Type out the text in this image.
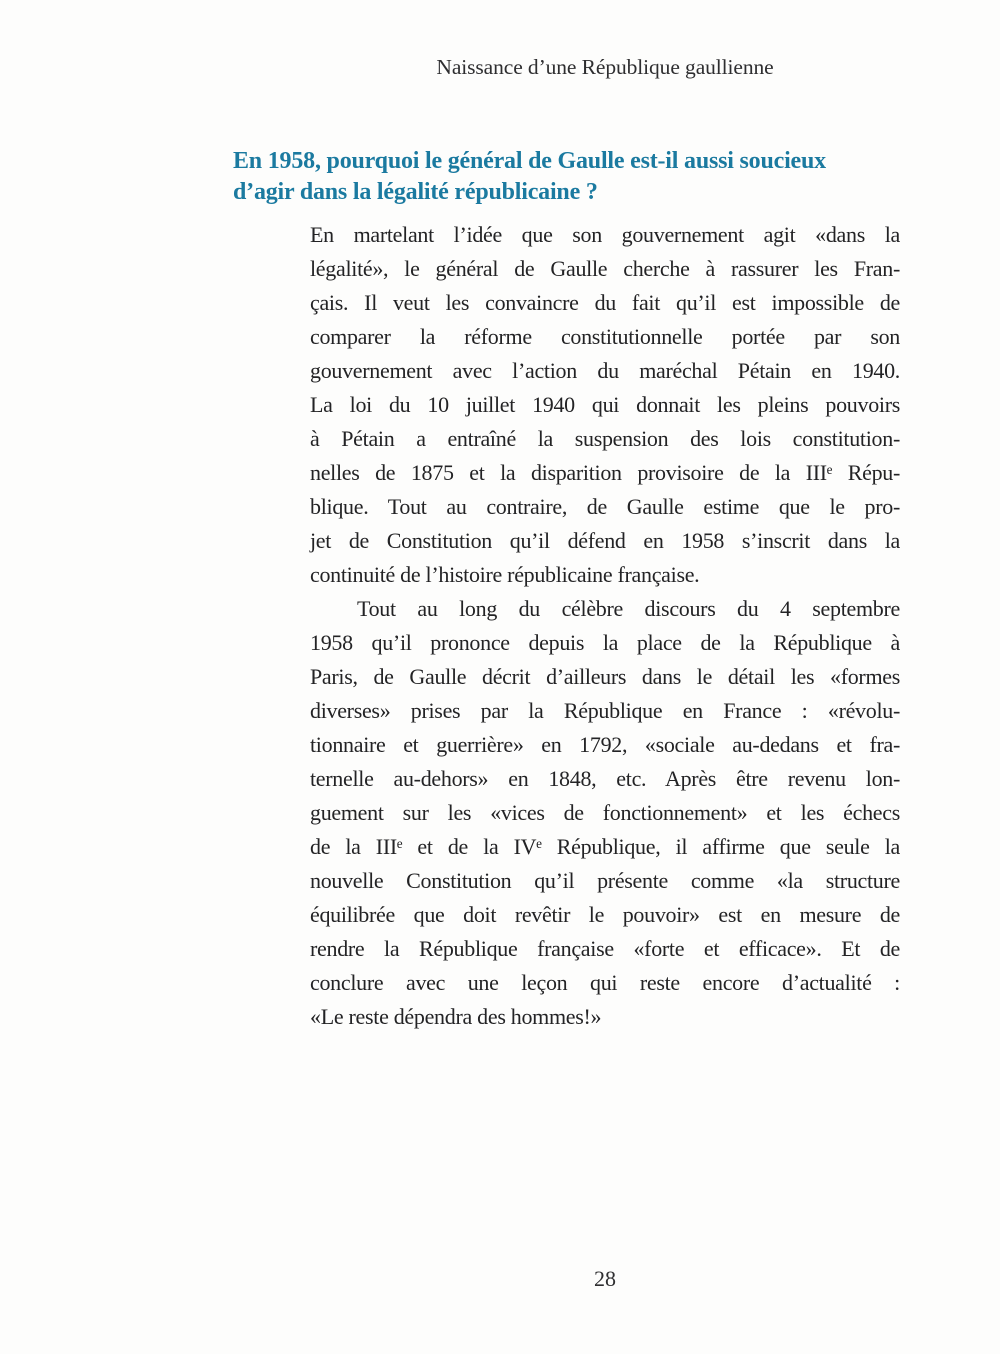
Naissance d’une République gaullienne
En 1958, pourquoi le général de Gaulle est-il aussi soucieux
d’agir dans la légalité républicaine ?
En martelant l’idée que son gouvernement agit «dans la
légalité», le général de Gaulle cherche à rassurer les Fran-
çais. Il veut les convaincre du fait qu’il est impossible de
comparer la réforme constitutionnelle portée par son
gouvernement avec l’action du maréchal Pétain en 1940.
La loi du 10 juillet 1940 qui donnait les pleins pouvoirs
à Pétain a entraîné la suspension des lois constitution-
nelles de 1875 et la disparition provisoire de la IIIᵉ Répu-
blique. Tout au contraire, de Gaulle estime que le pro-
jet de Constitution qu’il défend en 1958 s’inscrit dans la
continuité de l’histoire républicaine française.
Tout au long du célèbre discours du 4 septembre
1958 qu’il prononce depuis la place de la République à
Paris, de Gaulle décrit d’ailleurs dans le détail les «formes
diverses» prises par la République en France : «révolu-
tionnaire et guerrière» en 1792, «sociale au-dedans et fra-
ternelle au-dehors» en 1848, etc. Après être revenu lon-
guement sur les «vices de fonctionnement» et les échecs
de la IIIᵉ et de la IVᵉ République, il affirme que seule la
nouvelle Constitution qu’il présente comme «la structure
équilibrée que doit revêtir le pouvoir» est en mesure de
rendre la République française «forte et efficace». Et de
conclure avec une leçon qui reste encore d’actualité :
«Le reste dépendra des hommes!»
28
